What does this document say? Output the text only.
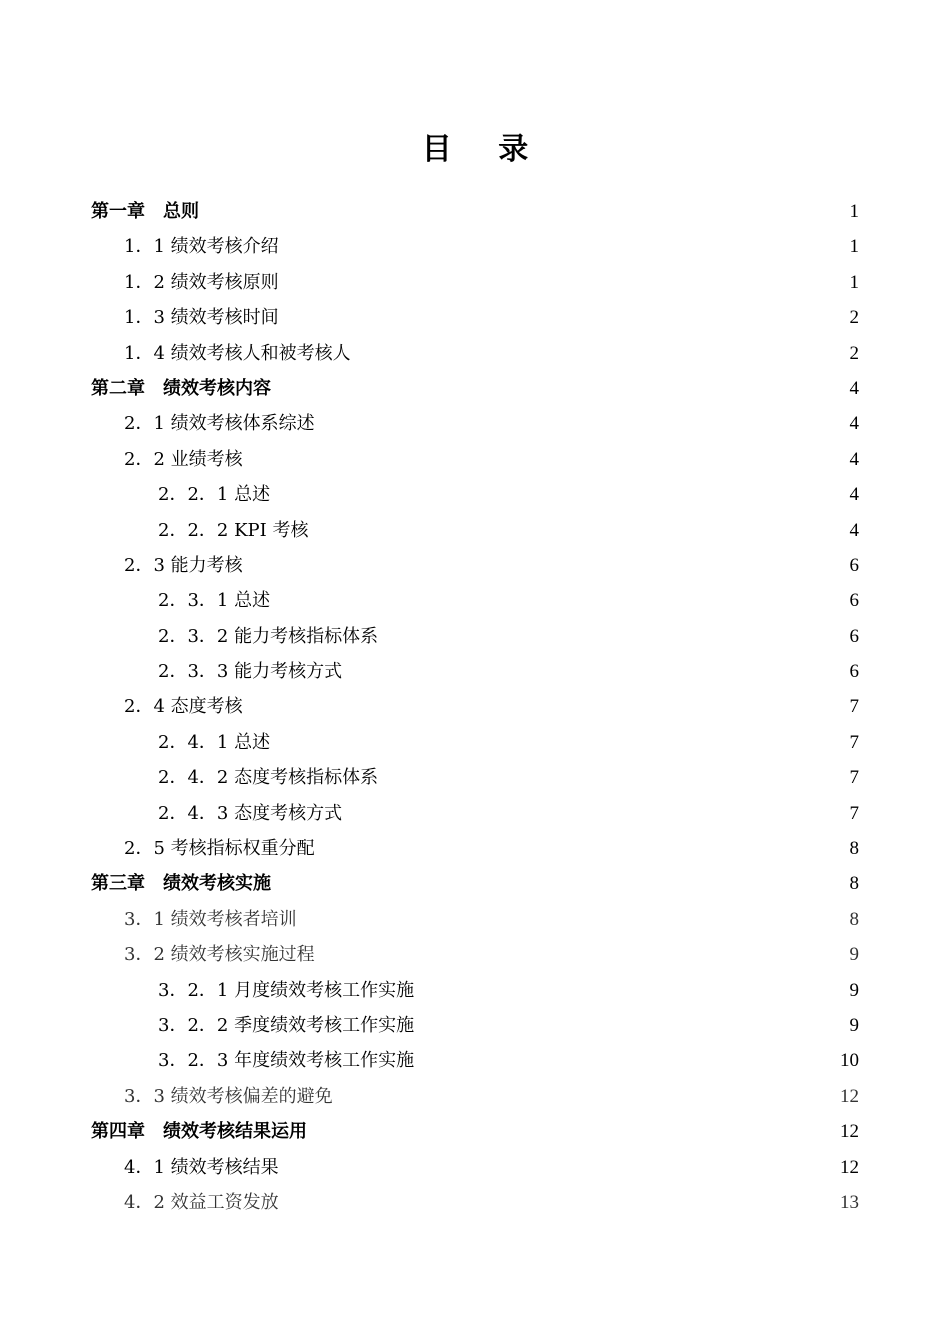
目 录
第一章　总则	1
1．1 绩效考核介绍	1
1．2 绩效考核原则	1
1．3 绩效考核时间	2
1．4 绩效考核人和被考核人	2
第二章　绩效考核内容	4
2．1 绩效考核体系综述	4
2．2 业绩考核	4
2．2．1 总述	4
2．2．2 KPI 考核	4
2．3 能力考核	6
2．3．1 总述	6
2．3．2 能力考核指标体系	6
2．3．3 能力考核方式	6
2．4 态度考核	7
2．4．1 总述	7
2．4．2 态度考核指标体系	7
2．4．3 态度考核方式	7
2．5 考核指标权重分配	8
第三章　绩效考核实施	8
3．1 绩效考核者培训	8
3．2 绩效考核实施过程	9
3．2．1 月度绩效考核工作实施	9
3．2．2 季度绩效考核工作实施	9
3．2．3 年度绩效考核工作实施	10
3．3 绩效考核偏差的避免	12
第四章　绩效考核结果运用	12
4．1 绩效考核结果	12
4．2 效益工资发放	13
